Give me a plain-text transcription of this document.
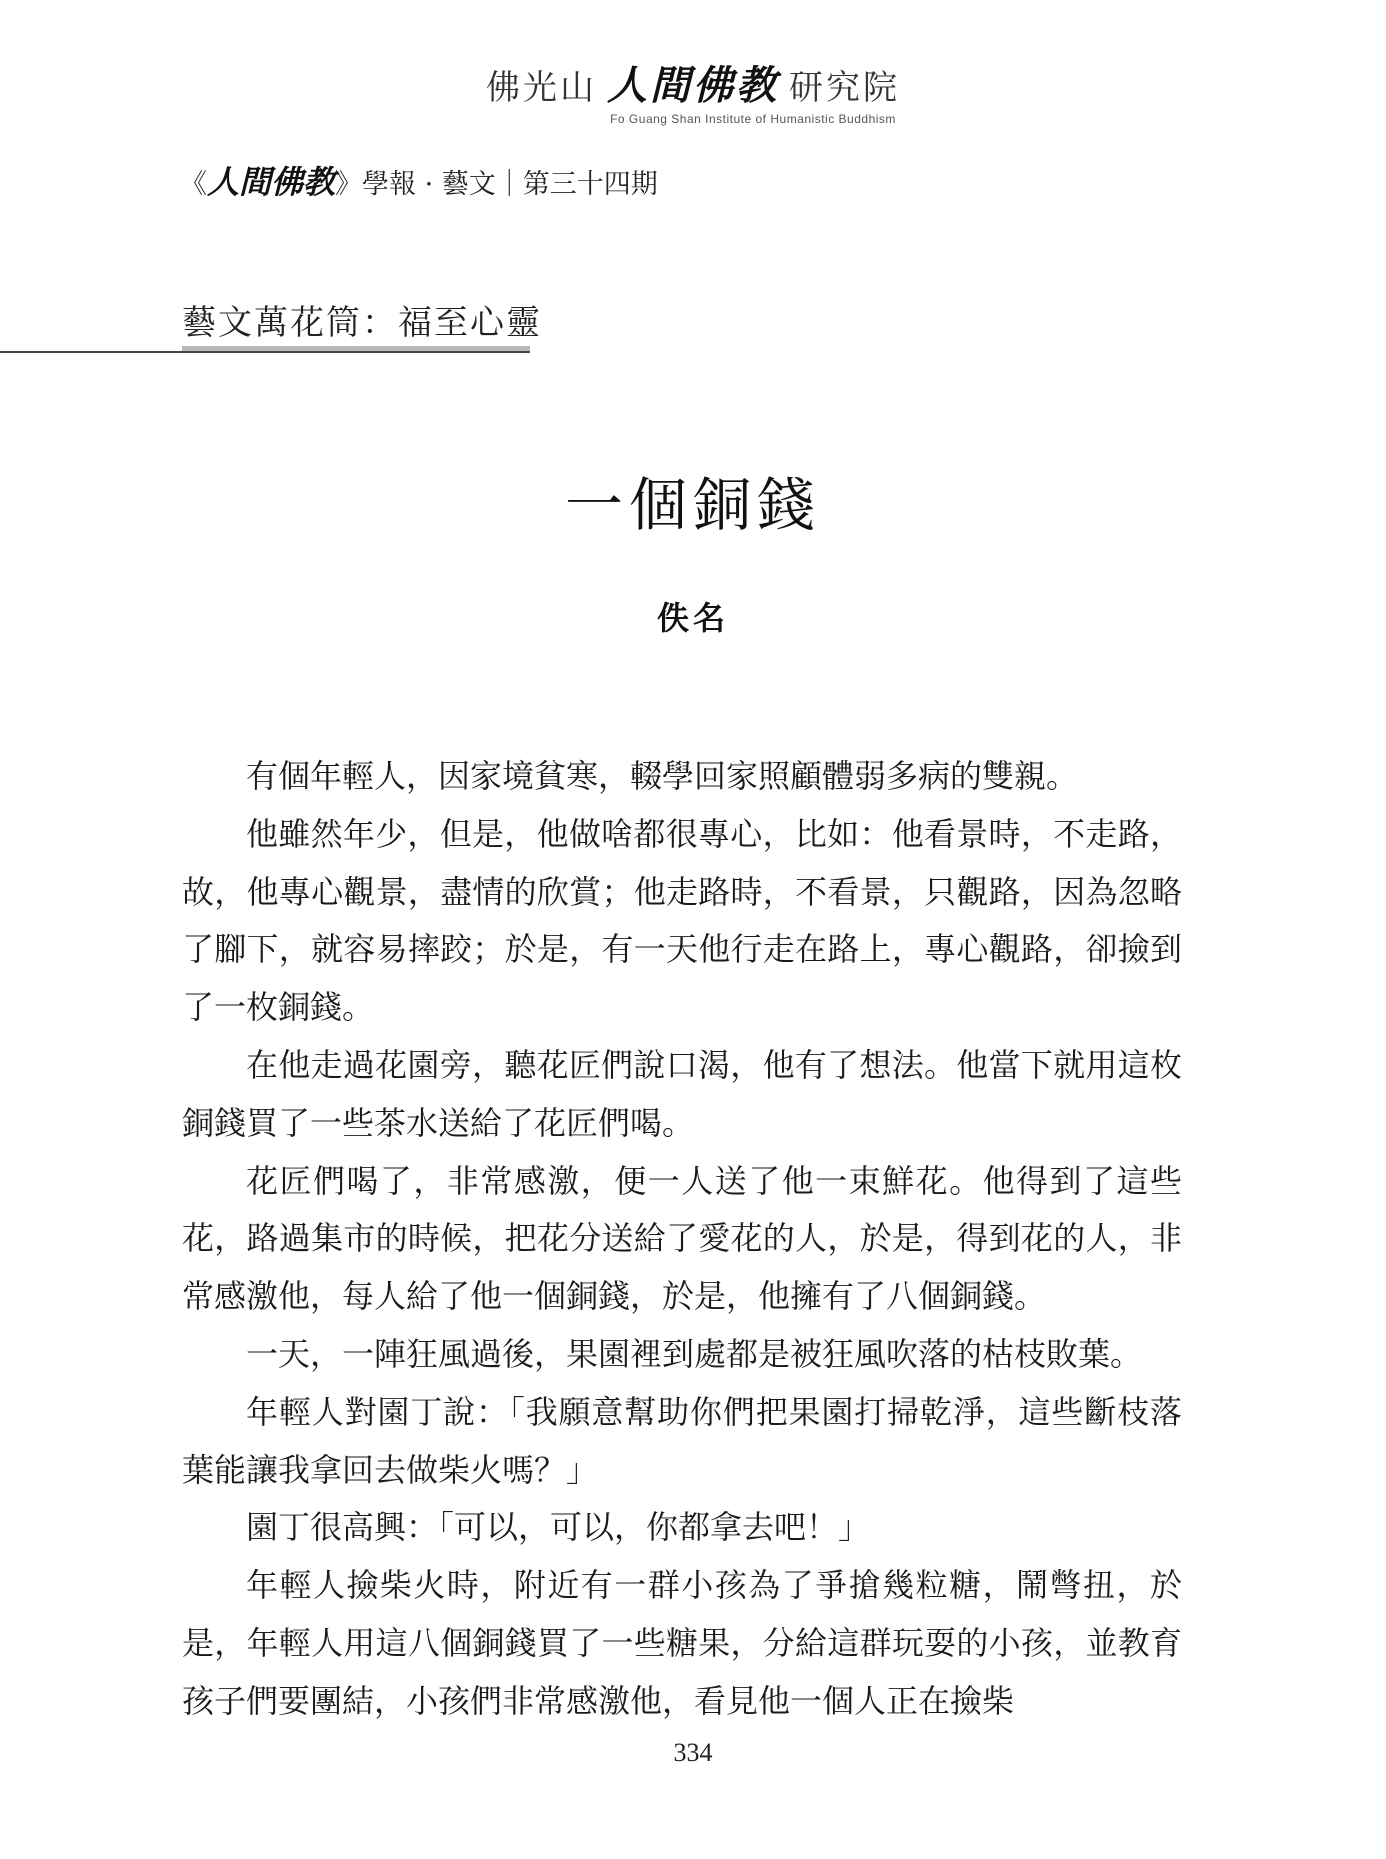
佛光山 人間佛教 研究院
Fo Guang Shan Institute of Humanistic Buddhism
《人間佛教》學報 · 藝文｜第三十四期
藝文萬花筒：福至心靈
一個銅錢
佚名

有個年輕人，因家境貧寒，輟學回家照顧體弱多病的雙親。

他雖然年少，但是，他做啥都很專心，比如：他看景時，不走路，故，他專心觀景，盡情的欣賞；他走路時，不看景，只觀路，因為忽略了腳下，就容易摔跤；於是，有一天他行走在路上，專心觀路，卻撿到了一枚銅錢。

在他走過花園旁，聽花匠們說口渴，他有了想法。他當下就用這枚銅錢買了一些茶水送給了花匠們喝。

花匠們喝了，非常感激，便一人送了他一束鮮花。他得到了這些花，路過集市的時候，把花分送給了愛花的人，於是，得到花的人，非常感激他，每人給了他一個銅錢，於是，他擁有了八個銅錢。

一天，一陣狂風過後，果園裡到處都是被狂風吹落的枯枝敗葉。

年輕人對園丁說：「我願意幫助你們把果園打掃乾淨，這些斷枝落葉能讓我拿回去做柴火嗎？」

園丁很高興：「可以，可以，你都拿去吧！」

年輕人撿柴火時，附近有一群小孩為了爭搶幾粒糖，鬧彆扭，於是，年輕人用這八個銅錢買了一些糖果，分給這群玩耍的小孩，並教育孩子們要團結，小孩們非常感激他，看見他一個人正在撿柴

334
